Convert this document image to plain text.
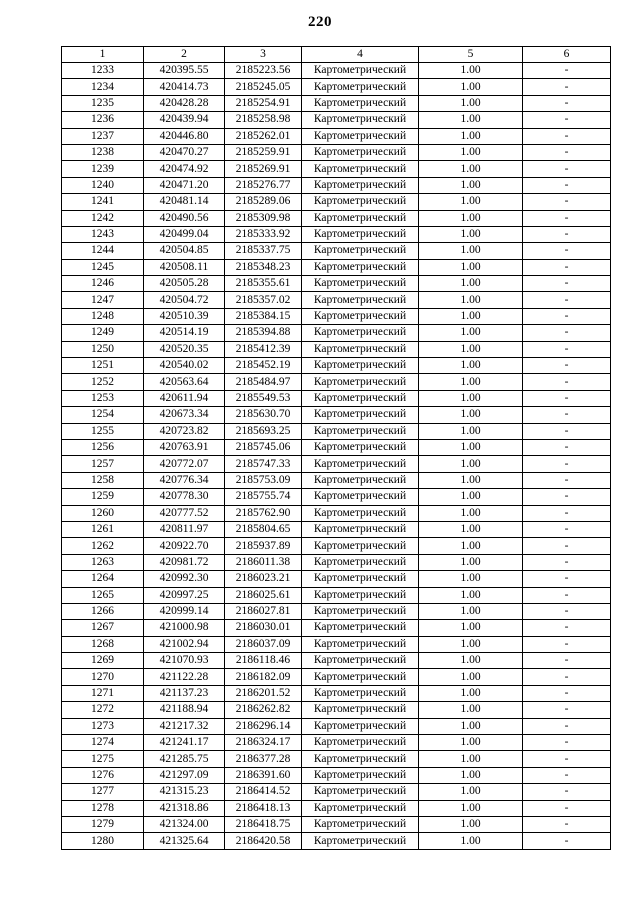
220
1	2	3	4	5	6
1233	420395.55	2185223.56	Картометрический	1.00	-
1234	420414.73	2185245.05	Картометрический	1.00	-
1235	420428.28	2185254.91	Картометрический	1.00	-
1236	420439.94	2185258.98	Картометрический	1.00	-
1237	420446.80	2185262.01	Картометрический	1.00	-
1238	420470.27	2185259.91	Картометрический	1.00	-
1239	420474.92	2185269.91	Картометрический	1.00	-
1240	420471.20	2185276.77	Картометрический	1.00	-
1241	420481.14	2185289.06	Картометрический	1.00	-
1242	420490.56	2185309.98	Картометрический	1.00	-
1243	420499.04	2185333.92	Картометрический	1.00	-
1244	420504.85	2185337.75	Картометрический	1.00	-
1245	420508.11	2185348.23	Картометрический	1.00	-
1246	420505.28	2185355.61	Картометрический	1.00	-
1247	420504.72	2185357.02	Картометрический	1.00	-
1248	420510.39	2185384.15	Картометрический	1.00	-
1249	420514.19	2185394.88	Картометрический	1.00	-
1250	420520.35	2185412.39	Картометрический	1.00	-
1251	420540.02	2185452.19	Картометрический	1.00	-
1252	420563.64	2185484.97	Картометрический	1.00	-
1253	420611.94	2185549.53	Картометрический	1.00	-
1254	420673.34	2185630.70	Картометрический	1.00	-
1255	420723.82	2185693.25	Картометрический	1.00	-
1256	420763.91	2185745.06	Картометрический	1.00	-
1257	420772.07	2185747.33	Картометрический	1.00	-
1258	420776.34	2185753.09	Картометрический	1.00	-
1259	420778.30	2185755.74	Картометрический	1.00	-
1260	420777.52	2185762.90	Картометрический	1.00	-
1261	420811.97	2185804.65	Картометрический	1.00	-
1262	420922.70	2185937.89	Картометрический	1.00	-
1263	420981.72	2186011.38	Картометрический	1.00	-
1264	420992.30	2186023.21	Картометрический	1.00	-
1265	420997.25	2186025.61	Картометрический	1.00	-
1266	420999.14	2186027.81	Картометрический	1.00	-
1267	421000.98	2186030.01	Картометрический	1.00	-
1268	421002.94	2186037.09	Картометрический	1.00	-
1269	421070.93	2186118.46	Картометрический	1.00	-
1270	421122.28	2186182.09	Картометрический	1.00	-
1271	421137.23	2186201.52	Картометрический	1.00	-
1272	421188.94	2186262.82	Картометрический	1.00	-
1273	421217.32	2186296.14	Картометрический	1.00	-
1274	421241.17	2186324.17	Картометрический	1.00	-
1275	421285.75	2186377.28	Картометрический	1.00	-
1276	421297.09	2186391.60	Картометрический	1.00	-
1277	421315.23	2186414.52	Картометрический	1.00	-
1278	421318.86	2186418.13	Картометрический	1.00	-
1279	421324.00	2186418.75	Картометрический	1.00	-
1280	421325.64	2186420.58	Картометрический	1.00	-
